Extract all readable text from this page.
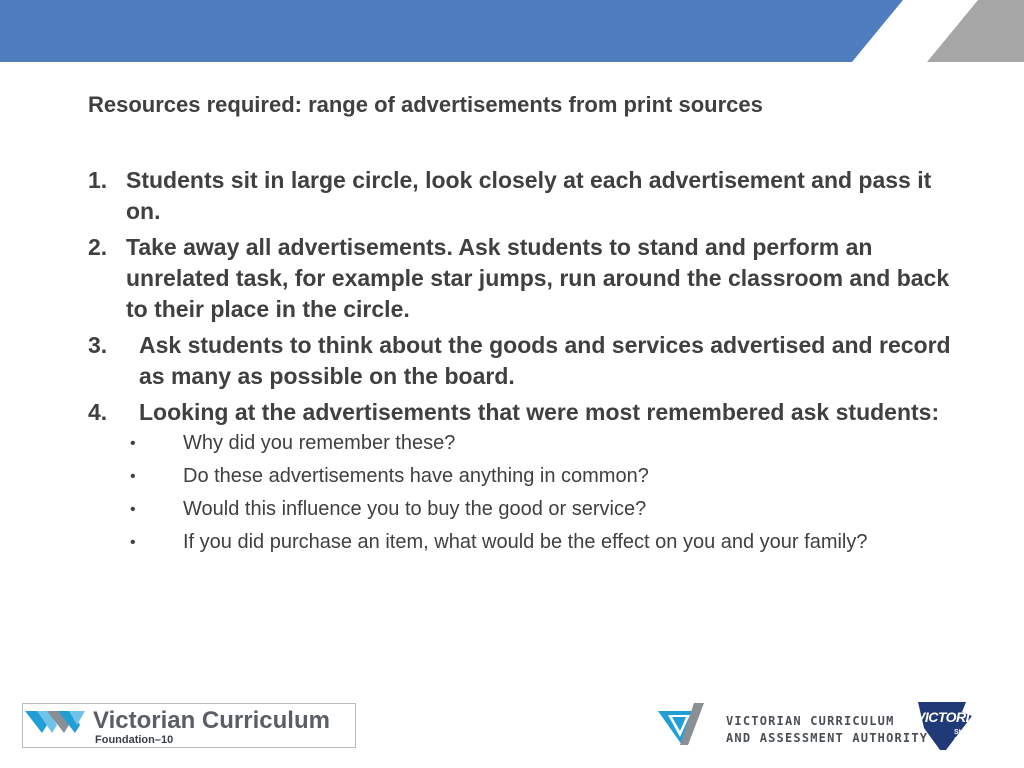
Resources required: range of advertisements from print sources
1. Students sit in large circle, look closely at each advertisement and pass it on.
2. Take away all advertisements. Ask students to stand and perform an unrelated task, for example star jumps, run around the classroom and back to their place in the circle.
3.	Ask students to think about the goods and services advertised and record as many as possible on the board.
4.	Looking at the advertisements that were most remembered ask students:
• Why did you remember these?
• Do these advertisements have anything in common?
• Would this influence you to buy the good or service?
• If you did purchase an item, what would be the effect on you and your family?
Victorian Curriculum
Foundation–10
VICTORIAN CURRICULUM
AND ASSESSMENT AUTHORITY
VICTORIA
State
Government
